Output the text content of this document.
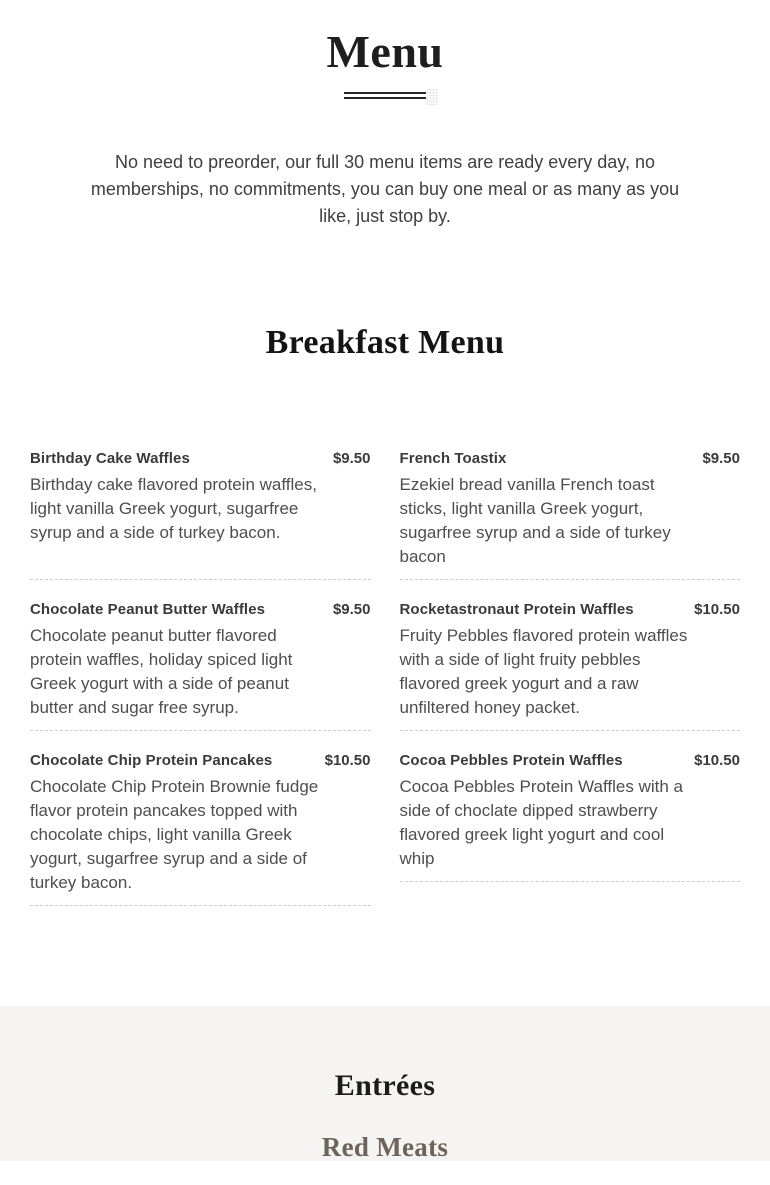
Menu

No need to preorder, our full 30 menu items are ready every day, no memberships, no commitments, you can buy one meal or as many as you like, just stop by.

Breakfast Menu
Birthday Cake Waffles	$9.50

Birthday cake flavored protein waffles, light vanilla Greek yogurt, sugarfree syrup and a side of turkey bacon.

French Toastix	$9.50

Ezekiel bread vanilla French toast sticks, light vanilla Greek yogurt, sugarfree syrup and a side of turkey bacon

Chocolate Peanut Butter Waffles	$9.50

Chocolate peanut butter flavored protein waffles, holiday spiced light Greek yogurt with a side of peanut butter and sugar free syrup.

Rocketastronaut Protein Waffles	$10.50

Fruity Pebbles flavored protein waffles with a side of light fruity pebbles flavored greek yogurt and a raw unfiltered honey packet.

Chocolate Chip Protein Pancakes	$10.50

Chocolate Chip Protein Brownie fudge flavor protein pancakes topped with chocolate chips, light vanilla Greek yogurt, sugarfree syrup and a side of turkey bacon.

Cocoa Pebbles Protein Waffles	$10.50

Cocoa Pebbles Protein Waffles with a side of choclate dipped strawberry flavored greek light yogurt and cool whip

Entrées
Red Meats
